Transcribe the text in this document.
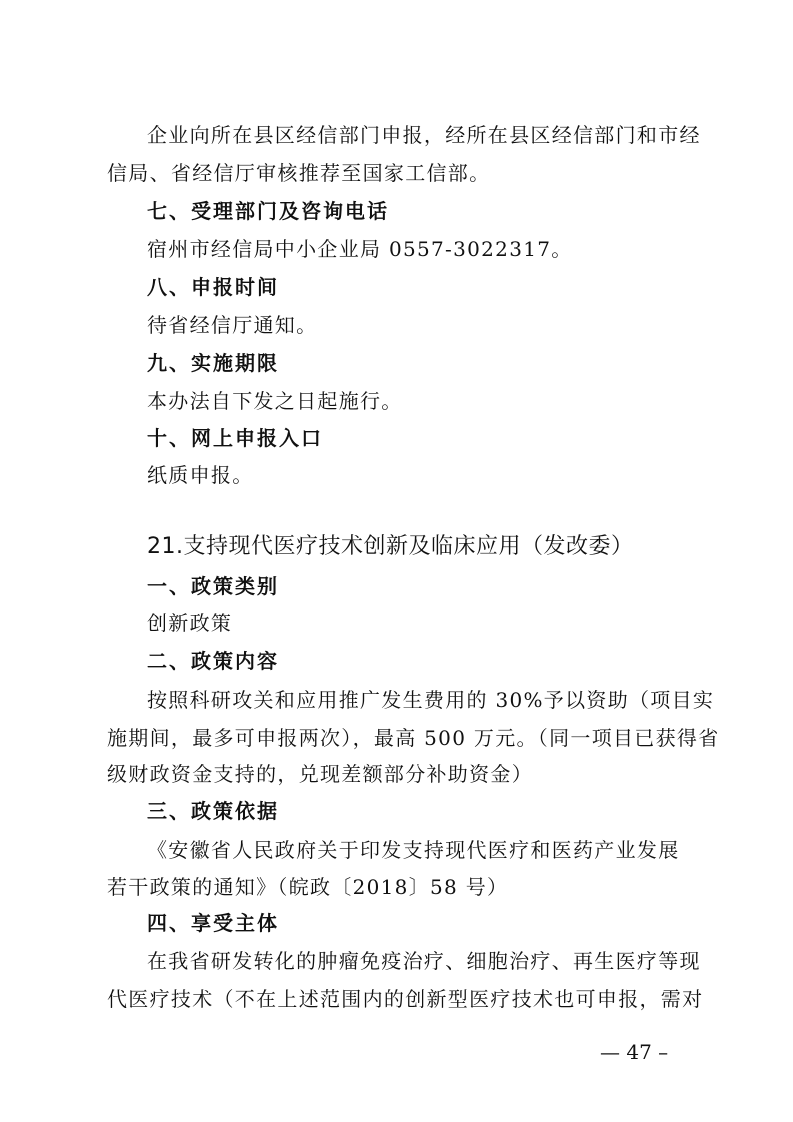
企业向所在县区经信部门申报，经所在县区经信部门和市经
信局、省经信厅审核推荐至国家工信部。
七、受理部门及咨询电话
宿州市经信局中小企业局 0557-3022317。
八、申报时间
待省经信厅通知。
九、实施期限
本办法自下发之日起施行。
十、网上申报入口
纸质申报。
21.支持现代医疗技术创新及临床应用（发改委）
一、政策类别
创新政策
二、政策内容
按照科研攻关和应用推广发生费用的 30%予以资助（项目实
施期间，最多可申报两次），最高 500 万元。（同一项目已获得省
级财政资金支持的，兑现差额部分补助资金）
三、政策依据
《安徽省人民政府关于印发支持现代医疗和医药产业发展
若干政策的通知》（皖政〔2018〕58 号）
四、享受主体
在我省研发转化的肿瘤免疫治疗、细胞治疗、再生医疗等现
代医疗技术（不在上述范围内的创新型医疗技术也可申报，需对
— 47 –
